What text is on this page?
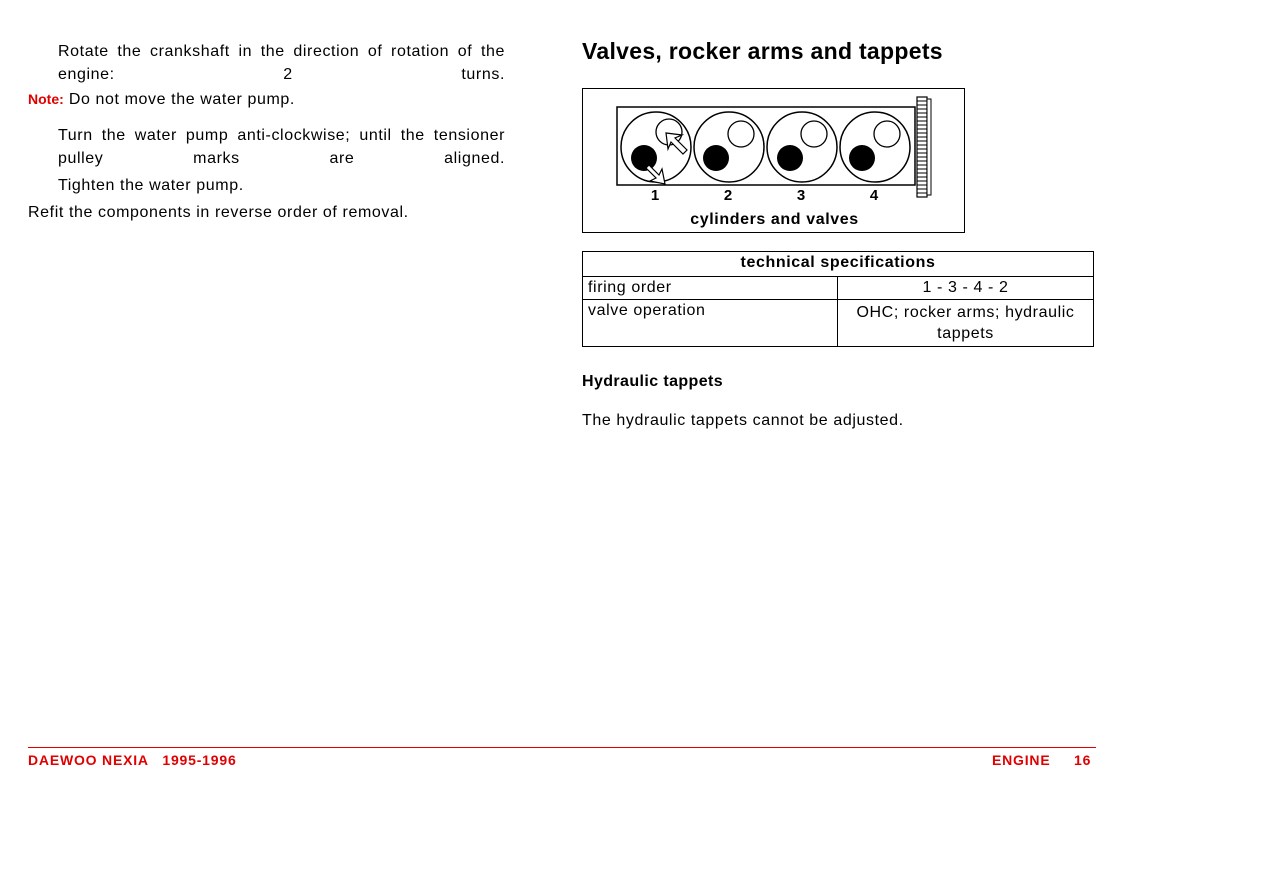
Rotate the crankshaft in the direction of rotation of the engine: 2 turns.
Note: Do not move the water pump.
Turn the water pump anti-clockwise; until the tensioner pulley marks are aligned.
Tighten the water pump.
Refit the components in reverse order of removal.
Valves, rocker arms and tappets
1	2	3	4
cylinders and valves
technical specifications	
firing order	1 - 3 - 4 - 2
valve operation	OHC; rocker arms; hydraulic tappets
Hydraulic tappets
The hydraulic tappets cannot be adjusted.
DAEWOO NEXIA   1995-1996	ENGINE 16
